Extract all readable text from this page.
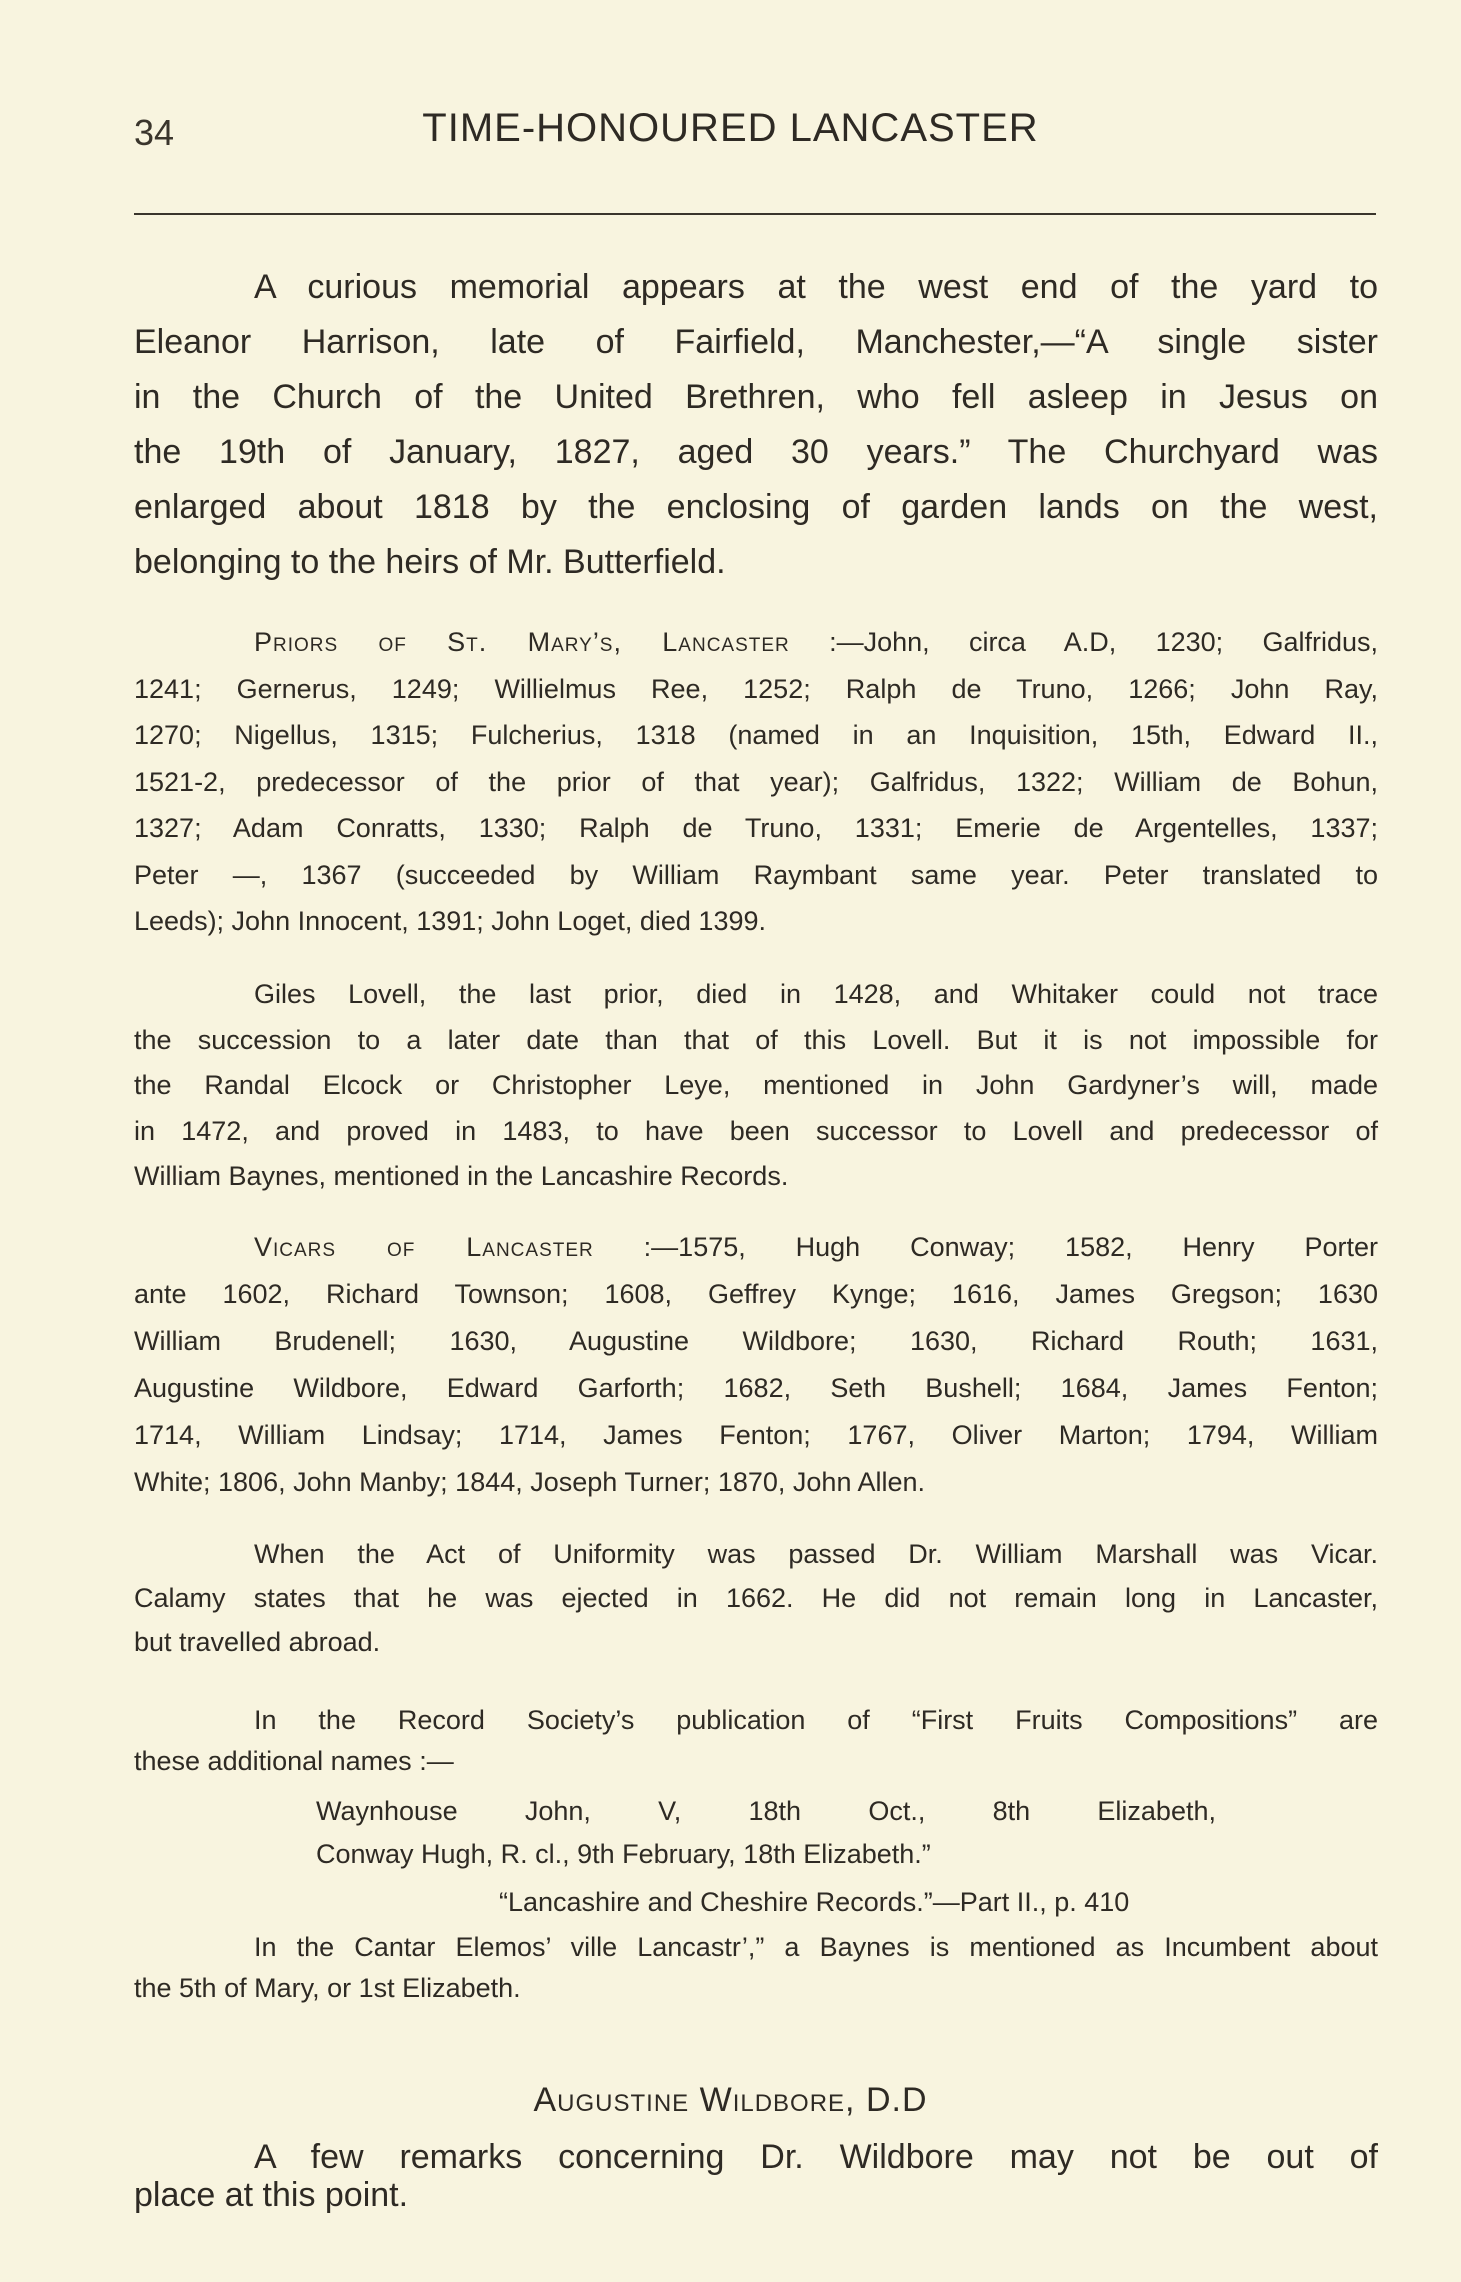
34	TIME-HONOURED LANCASTER
A curious memorial appears at the west end of the yard to
Eleanor Harrison, late of Fairfield, Manchester,—“A single sister
in the Church of the United Brethren, who fell asleep in Jesus on
the 19th of January, 1827, aged 30 years.” The Churchyard was
enlarged about 1818 by the enclosing of garden lands on the west,
belonging to the heirs of Mr. Butterfield.
Priors of St. Mary’s, Lancaster :—John, circa A.D, 1230; Galfridus,
1241; Gernerus, 1249; Willielmus Ree, 1252; Ralph de Truno, 1266; John Ray,
1270; Nigellus, 1315; Fulcherius, 1318 (named in an Inquisition, 15th, Edward II.,
1521-2, predecessor of the prior of that year); Galfridus, 1322; William de Bohun,
1327; Adam Conratts, 1330; Ralph de Truno, 1331; Emerie de Argentelles, 1337;
Peter —, 1367 (succeeded by William Raymbant same year. Peter translated to
Leeds); John Innocent, 1391; John Loget, died 1399.
Giles Lovell, the last prior, died in 1428, and Whitaker could not trace
the succession to a later date than that of this Lovell. But it is not impossible for
the Randal Elcock or Christopher Leye, mentioned in John Gardyner’s will, made
in 1472, and proved in 1483, to have been successor to Lovell and predecessor of
William Baynes, mentioned in the Lancashire Records.
Vicars of Lancaster :—1575, Hugh Conway; 1582, Henry Porter
ante 1602, Richard Townson; 1608, Geffrey Kynge; 1616, James Gregson; 1630
William Brudenell; 1630, Augustine Wildbore; 1630, Richard Routh; 1631,
Augustine Wildbore, Edward Garforth; 1682, Seth Bushell; 1684, James Fenton;
1714, William Lindsay; 1714, James Fenton; 1767, Oliver Marton; 1794, William
White; 1806, John Manby; 1844, Joseph Turner; 1870, John Allen.
When the Act of Uniformity was passed Dr. William Marshall was Vicar.
Calamy states that he was ejected in 1662. He did not remain long in Lancaster,
but travelled abroad.
In the Record Society’s publication of “First Fruits Compositions” are
these additional names :—
Waynhouse John, V, 18th Oct., 8th Elizabeth,
Conway Hugh, R. cl., 9th February, 18th Elizabeth.”
“Lancashire and Cheshire Records.”—Part II., p. 410
In the Cantar Elemos’ ville Lancastr’,” a Baynes is mentioned as Incumbent about
the 5th of Mary, or 1st Elizabeth.
Augustine Wildbore, D.D
A few remarks concerning Dr. Wildbore may not be out of
place at this point.
